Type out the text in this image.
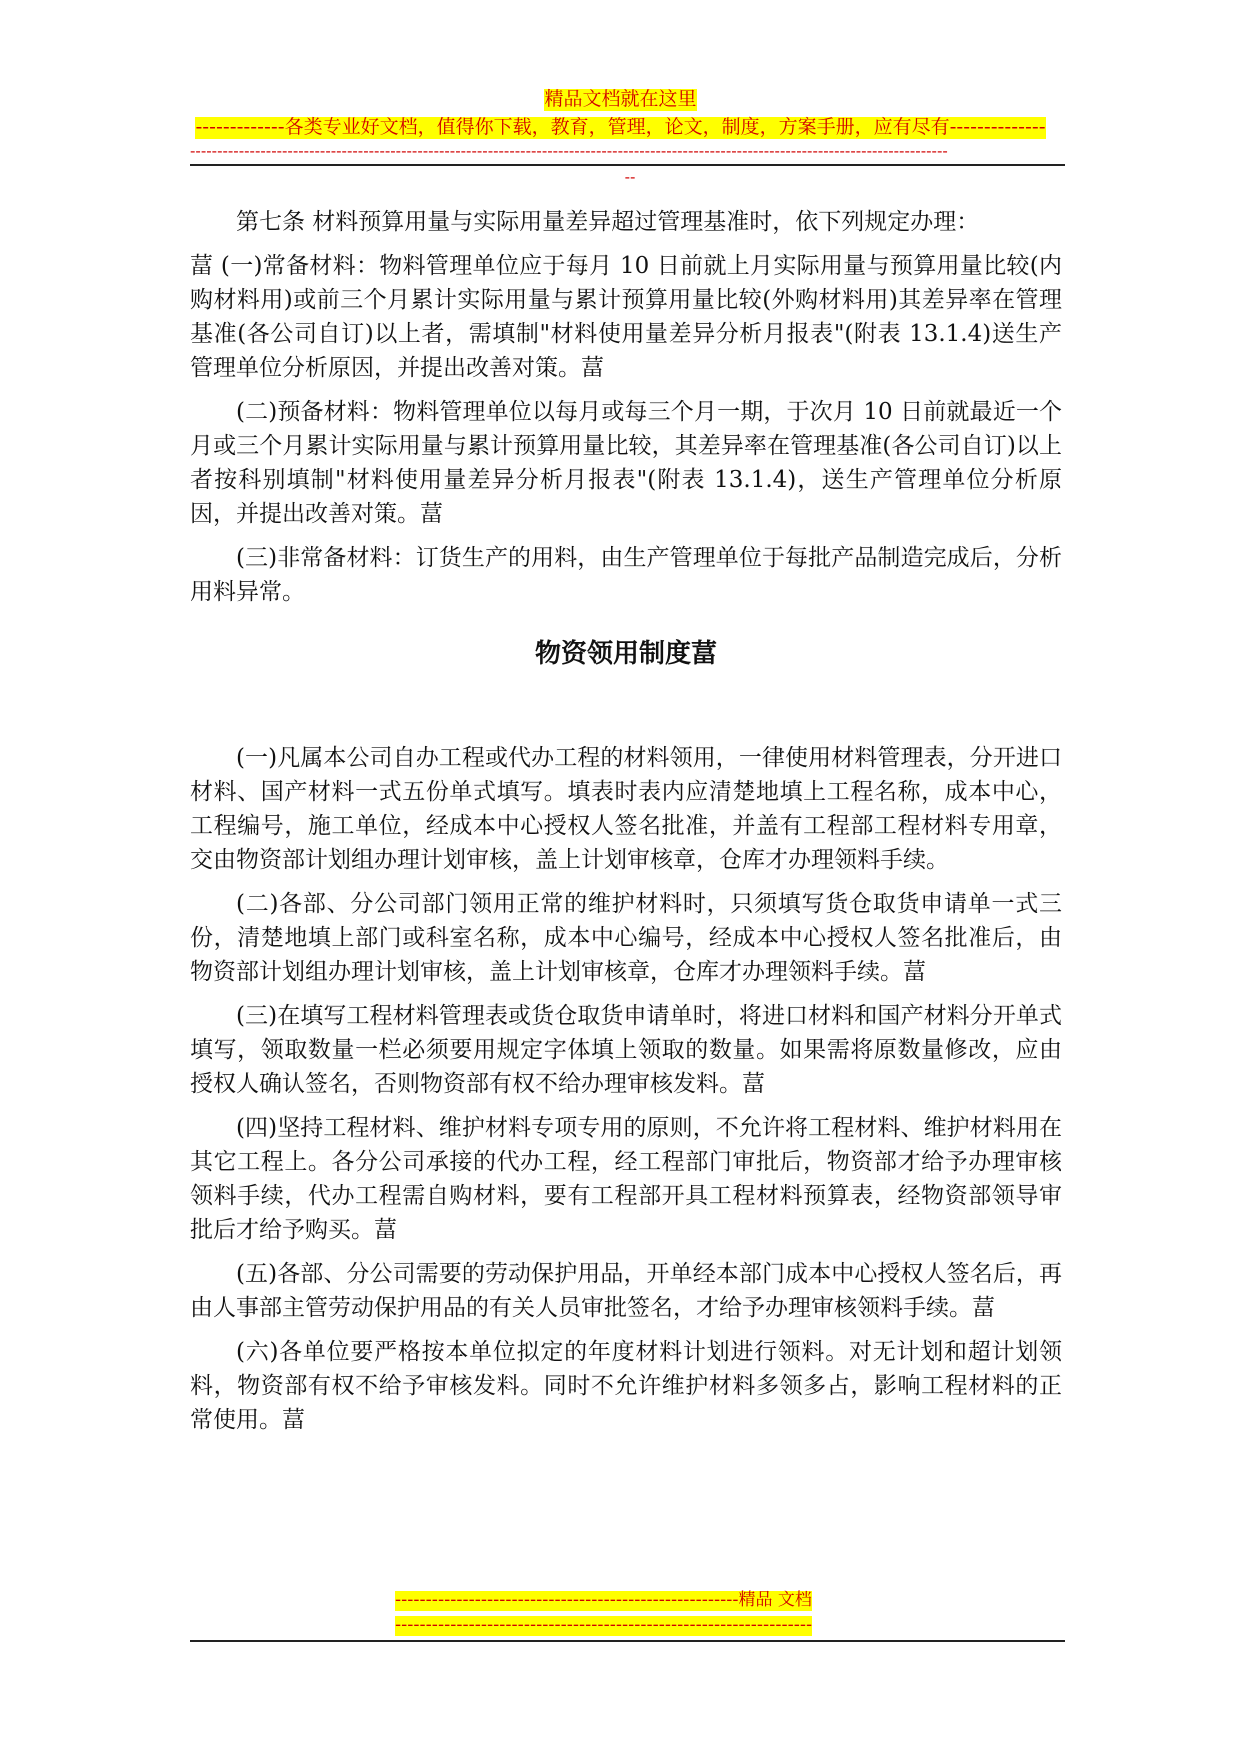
精品文档就在这里
-------------各类专业好文档，值得你下载，教育，管理，论文，制度，方案手册，应有尽有--------------
--------------------------------------------------------------------------------------------------------------------------------------------
--

第七条 材料预算用量与实际用量差异超过管理基准时，依下列规定办理：

葍 (一)常备材料：物料管理单位应于每月 10 日前就上月实际用量与预算用量比较(内购材料用)或前三个月累计实际用量与累计预算用量比较(外购材料用)其差异率在管理基准(各公司自订)以上者，需填制"材料使用量差异分析月报表"(附表 13.1.4)送生产管理单位分析原因，并提出改善对策。葍

(二)预备材料：物料管理单位以每月或每三个月一期，于次月 10 日前就最近一个月或三个月累计实际用量与累计预算用量比较，其差异率在管理基准(各公司自订)以上者按科别填制"材料使用量差异分析月报表"(附表 13.1.4)，送生产管理单位分析原因，并提出改善对策。葍

(三)非常备材料：订货生产的用料，由生产管理单位于每批产品制造完成后，分析用料异常。

物资领用制度葍

(一)凡属本公司自办工程或代办工程的材料领用，一律使用材料管理表，分开进口材料、国产材料一式五份单式填写。填表时表内应清楚地填上工程名称，成本中心，工程编号，施工单位，经成本中心授权人签名批准，并盖有工程部工程材料专用章，交由物资部计划组办理计划审核，盖上计划审核章，仓库才办理领料手续。

(二)各部、分公司部门领用正常的维护材料时，只须填写货仓取货申请单一式三份，清楚地填上部门或科室名称，成本中心编号，经成本中心授权人签名批准后，由物资部计划组办理计划审核，盖上计划审核章，仓库才办理领料手续。葍

(三)在填写工程材料管理表或货仓取货申请单时，将进口材料和国产材料分开单式填写，领取数量一栏必须要用规定字体填上领取的数量。如果需将原数量修改，应由授权人确认签名，否则物资部有权不给办理审核发料。葍

(四)坚持工程材料、维护材料专项专用的原则，不允许将工程材料、维护材料用在其它工程上。各分公司承接的代办工程，经工程部门审批后，物资部才给予办理审核领料手续，代办工程需自购材料，要有工程部开具工程材料预算表，经物资部领导审批后才给予购买。葍

(五)各部、分公司需要的劳动保护用品，开单经本部门成本中心授权人签名后，再由人事部主管劳动保护用品的有关人员审批签名，才给予办理审核领料手续。葍

(六)各单位要严格按本单位拟定的年度材料计划进行领料。对无计划和超计划领料，物资部有权不给予审核发料。同时不允许维护材料多领多占，影响工程材料的正常使用。葍

--------------------------------------------------------精品 文档
--------------------------------------------------------------------
